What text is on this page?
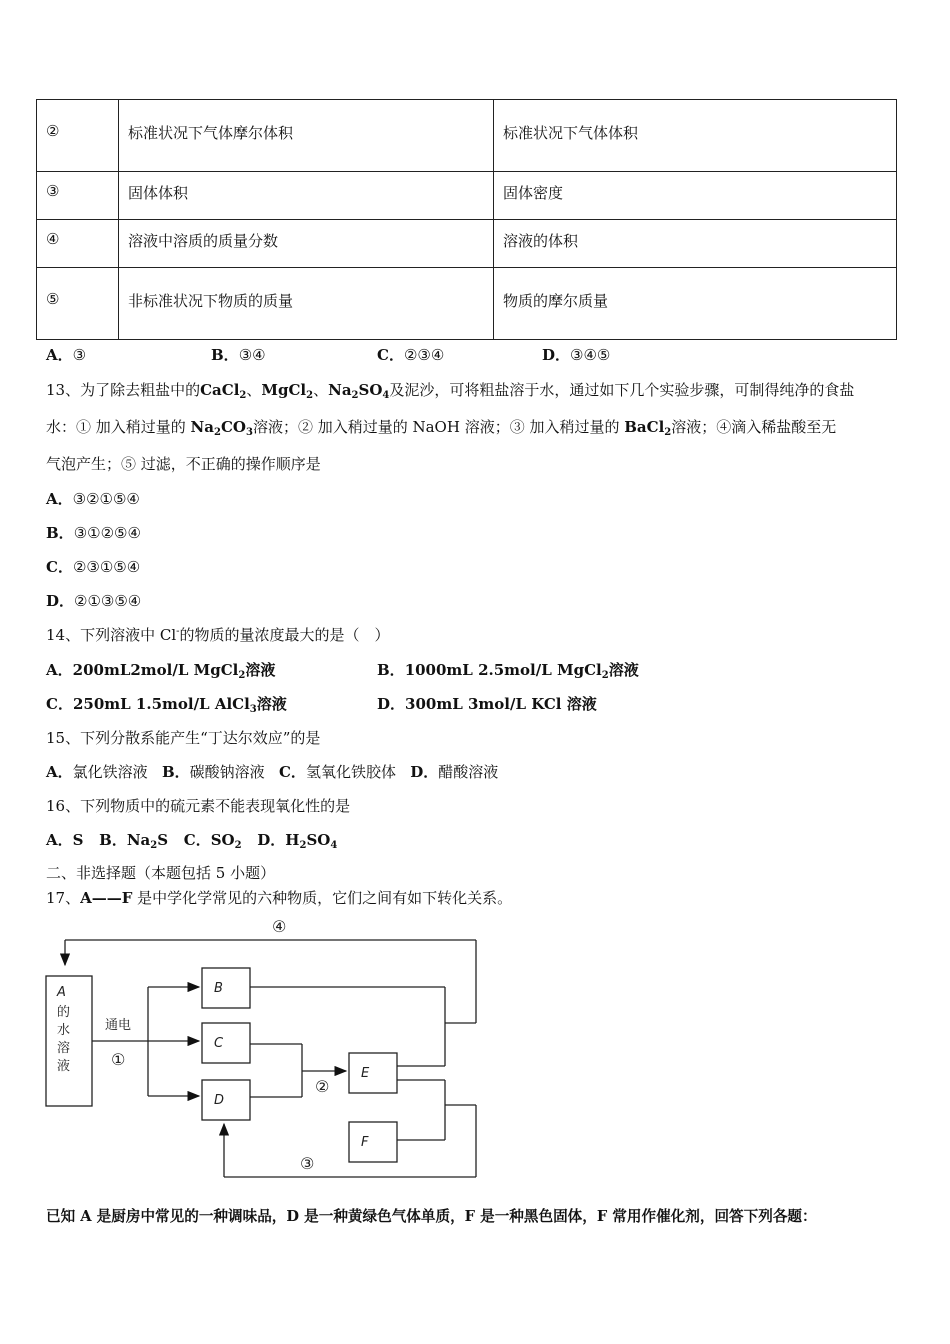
②	标准状况下气体摩尔体积	标准状况下气体体积
③	固体体积	固体密度
④	溶液中溶质的质量分数	溶液的体积
⑤	非标准状况下物质的质量	物质的摩尔质量
A．③	B．③④	C．②③④	D．③④⑤
13、为了除去粗盐中的CaCl$_2$、MgCl$_2$、$Na_2SO_4$及泥沙，可将粗盐溶于水，通过如下几个实验步骤，可制得纯净的食盐
水：① 加入稍过量的 $Na_2CO_3$溶液；② 加入稍过量的 NaOH 溶液；③ 加入稍过量的 BaCl$_2$溶液；④滴入稀盐酸至无
气泡产生；⑤ 过滤，不正确的操作顺序是
A．③②①⑤④
B．③①②⑤④
C．②③①⑤④
D．②①③⑤④
14、下列溶液中 Cl-的物质的量浓度最大的是（　）
A．200mL2mol/L MgCl$_2$溶液	B．1000mL 2.5mol/L MgCl$_2$溶液
C．250mL 1.5mol/L AlCl$_3$溶液	D．300mL 3mol/L KCl 溶液
15、下列分散系能产生“丁达尔效应”的是
A．氯化铁溶液 B．碳酸钠溶液 C．氢氧化铁胶体 D．醋酸溶液
16、下列物质中的硫元素不能表现氧化性的是
A．S B．$Na_2S$ C．$SO_2$ D．$H_2SO_4$
二、非选择题（本题包括 5 小题）
17、A——F 是中学化学常见的六种物质，它们之间有如下转化关系。
A
的
水
溶
液
通电
①
②
③
④
B
C
D
E
F
已知 A 是厨房中常见的一种调味品，D 是一种黄绿色气体单质，F 是一种黑色固体，F 常用作催化剂，回答下列各题：
